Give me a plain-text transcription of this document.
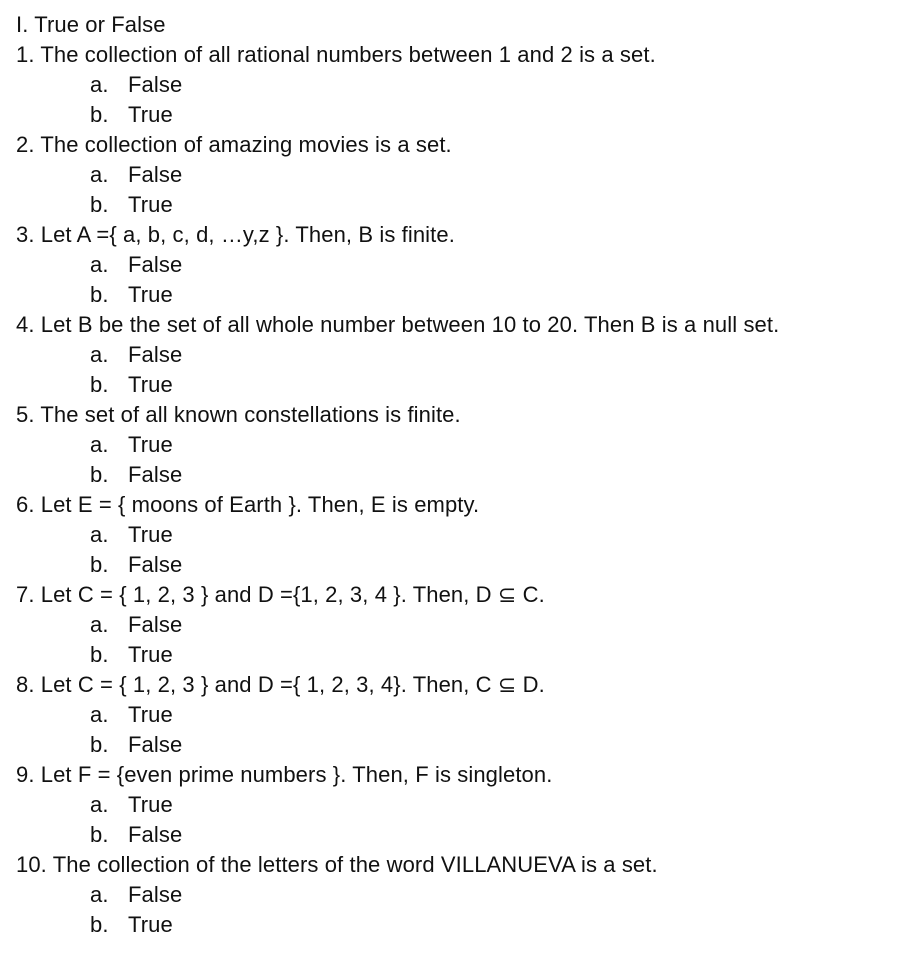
I. True or False
1. The collection of all rational numbers between 1 and 2 is a set.
a. False
b. True
2. The collection of amazing movies is a set.
a. False
b. True
3. Let A ={ a, b, c, d, …y,z }. Then, B is finite.
a. False
b. True
4. Let B be the set of all whole number between 10 to 20. Then B is a null set.
a. False
b. True
5. The set of all known constellations is finite.
a. True
b. False
6. Let E = { moons of Earth }. Then, E is empty.
a. True
b. False
7. Let C = { 1, 2, 3 } and D ={1, 2, 3, 4 }. Then, D ⊆ C.
a. False
b. True
8. Let C = { 1, 2, 3 } and D ={ 1, 2, 3, 4}. Then, C ⊆ D.
a. True
b. False
9. Let F = {even prime numbers }. Then, F is singleton.
a. True
b. False
10. The collection of the letters of the word VILLANUEVA is a set.
a. False
b. True
